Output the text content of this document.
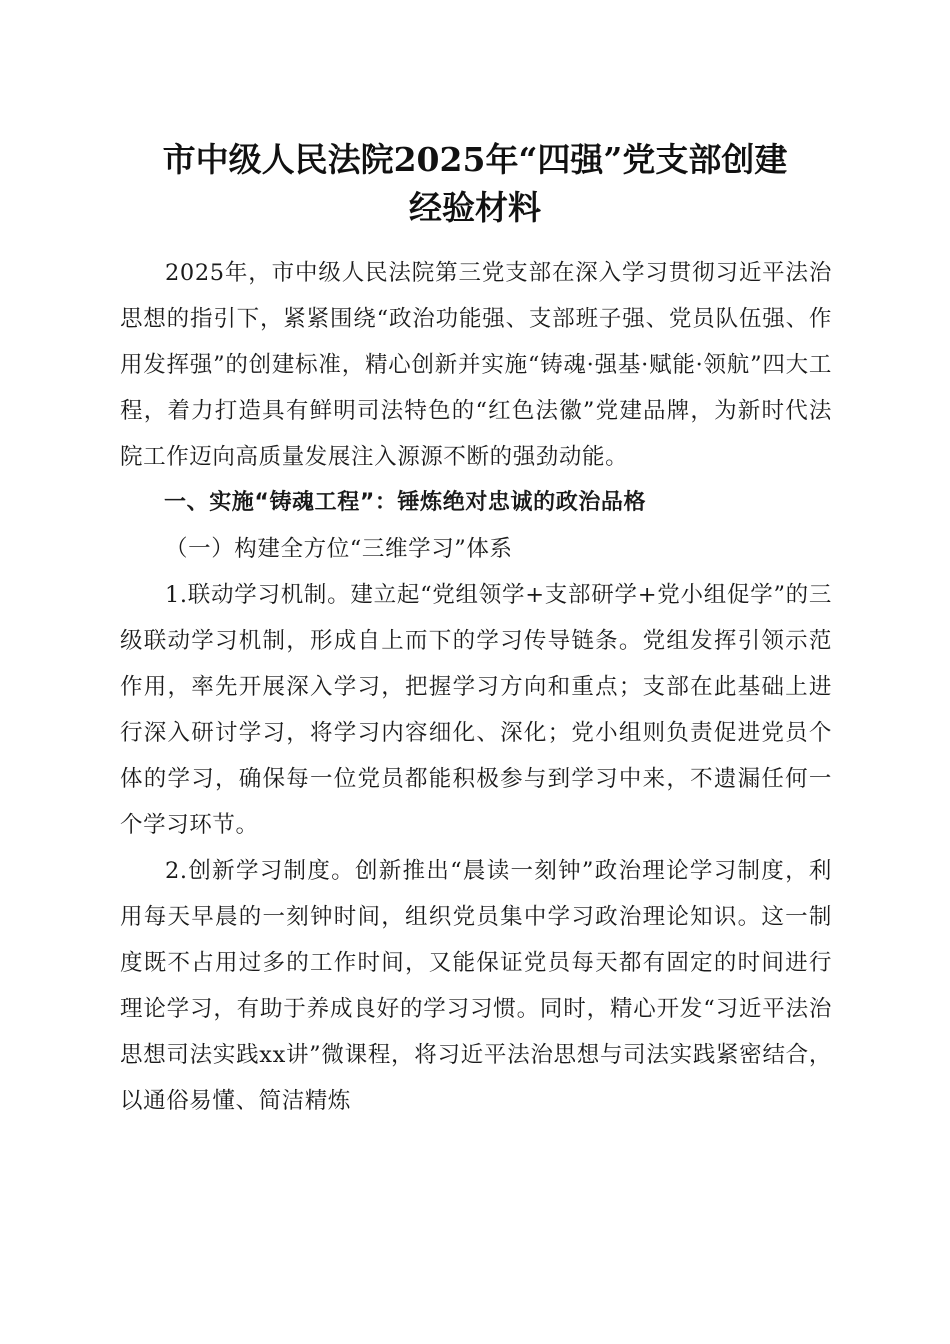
市中级人民法院2025年“四强”党支部创建
经验材料

2025年，市中级人民法院第三党支部在深入学习贯彻习近平法治思想的指引下，紧紧围绕“政治功能强、支部班子强、党员队伍强、作用发挥强”的创建标准，精心创新并实施“铸魂·强基·赋能·领航”四大工程，着力打造具有鲜明司法特色的“红色法徽”党建品牌，为新时代法院工作迈向高质量发展注入源源不断的强劲动能。

一、实施“铸魂工程”：锤炼绝对忠诚的政治品格

（一）构建全方位“三维学习”体系

1.联动学习机制。建立起“党组领学+支部研学+党小组促学”的三级联动学习机制，形成自上而下的学习传导链条。党组发挥引领示范作用，率先开展深入学习，把握学习方向和重点；支部在此基础上进行深入研讨学习，将学习内容细化、深化；党小组则负责促进党员个体的学习，确保每一位党员都能积极参与到学习中来，不遗漏任何一个学习环节。

2.创新学习制度。创新推出“晨读一刻钟”政治理论学习制度，利用每天早晨的一刻钟时间，组织党员集中学习政治理论知识。这一制度既不占用过多的工作时间，又能保证党员每天都有固定的时间进行理论学习，有助于养成良好的学习习惯。同时，精心开发“习近平法治思想司法实践xx讲”微课程，将习近平法治思想与司法实践紧密结合，以通俗易懂、简洁精炼
